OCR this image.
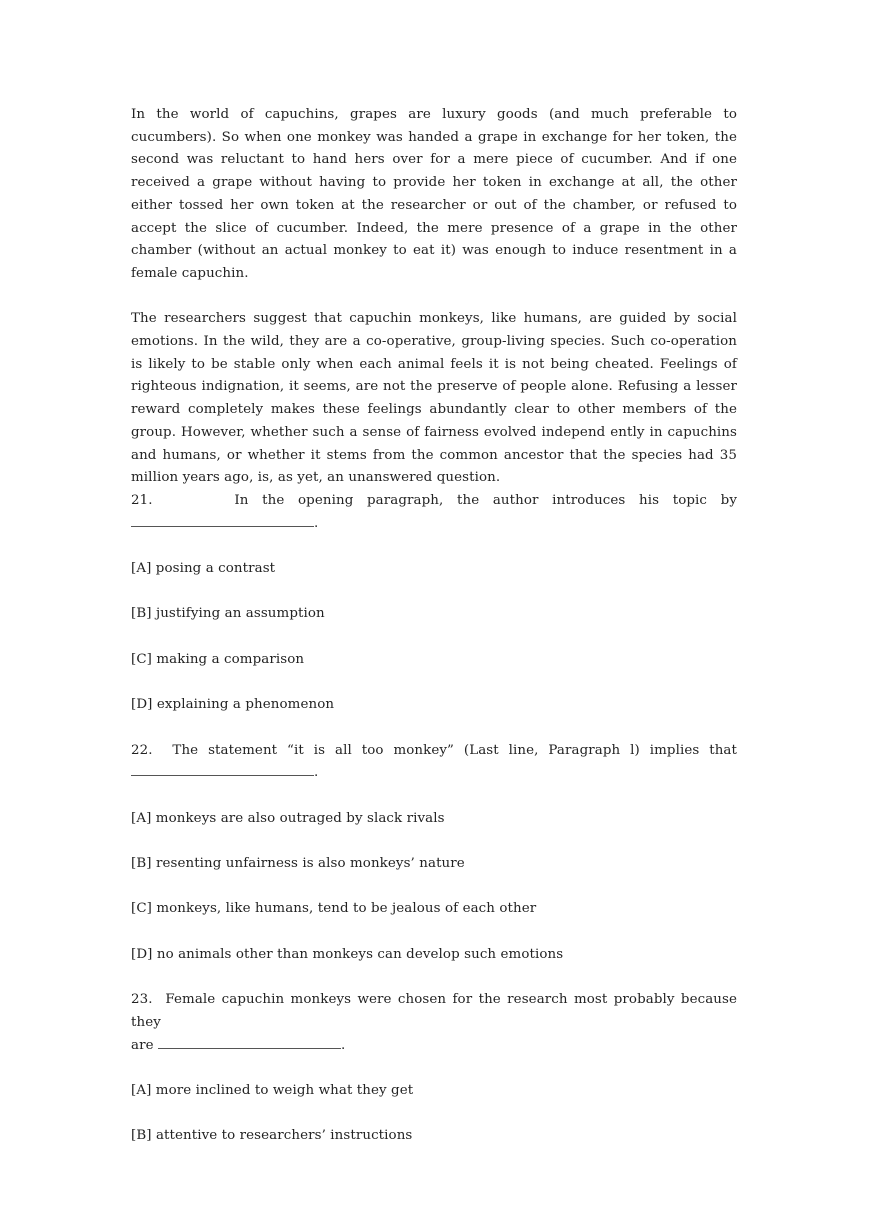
In the world of capuchins, grapes are luxury goods (and much preferable to cucumbers). So when one monkey was handed a grape in exchange for her token, the second was reluctant to hand hers over for a mere piece of cucumber. And if one received a grape without having to provide her token in exchange at all, the other either tossed her own token at the researcher or out of the chamber, or refused to accept the slice of cucumber. Indeed, the mere presence of a grape in the other chamber (without an actual monkey to eat it) was enough to induce resentment in a female capuchin.

The researchers suggest that capuchin monkeys, like humans, are guided by social emotions. In the wild, they are a co-operative, group-living species. Such co-operation is likely to be stable only when each animal feels it is not being cheated. Feelings of righteous indignation, it seems, are not the preserve of people alone. Refusing a lesser reward completely makes these feelings abundantly clear to other members of the group. However, whether such a sense of fairness evolved independ ently in capuchins and humans, or whether it stems from the common ancestor that the species had 35 million years ago, is, as yet, an unanswered question.

21.	In the opening paragraph, the author introduces his topic by

.
[A] posing a contrast
[B] justifying an assumption
[C] making a comparison
[D] explaining a phenomenon

22. The statement “it is all too monkey” (Last line, Paragraph l) implies that

.
[A] monkeys are also outraged by slack rivals
[B] resenting unfairness is also monkeys’ nature
[C] monkeys, like humans, tend to be jealous of each other
[D] no animals other than monkeys can develop such emotions

23. Female capuchin monkeys were chosen for the research most probably because they

are	.
[A] more inclined to weigh what they get
[B] attentive to researchers’ instructions
